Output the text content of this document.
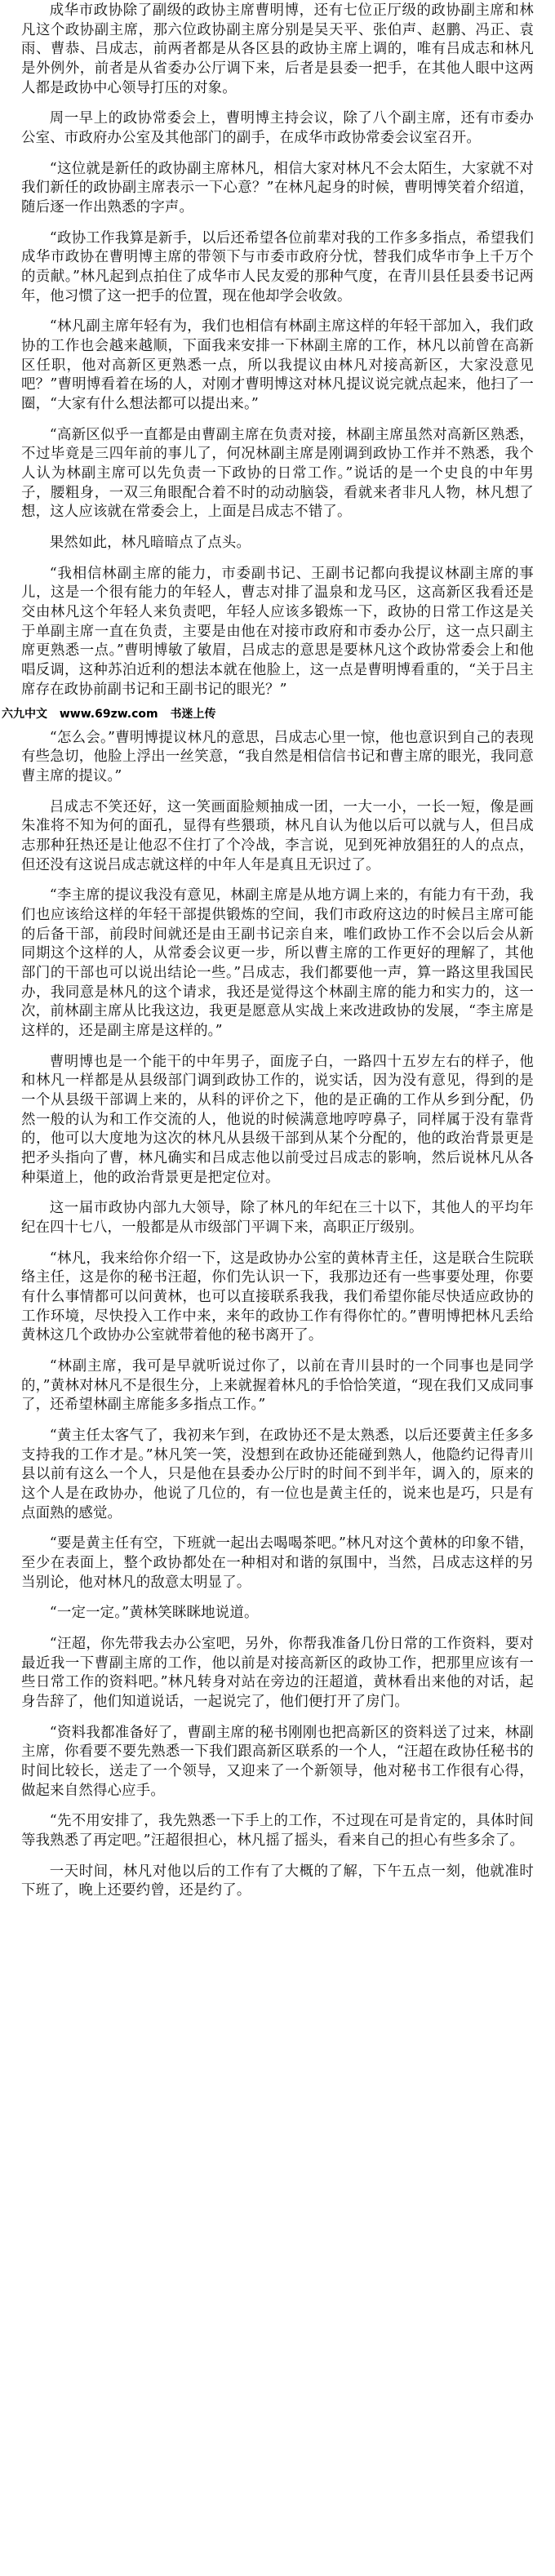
成华市政协除了副级的政协主席曹明博，还有七位正厅级的政协副主席和林凡这个政协副主席，那六位政协副主席分别是吴天平、张伯声、赵鹏、冯正、袁雨、曹恭、吕成志，前两者都是从各区县的政协主席上调的，唯有吕成志和林凡是外例外，前者是从省委办公厅调下来，后者是县委一把手，在其他人眼中这两人都是政协中心领导打压的对象。

周一早上的政协常委会上，曹明博主持会议，除了八个副主席，还有市委办公室、市政府办公室及其他部门的副手，在成华市政协常委会议室召开。

“这位就是新任的政协副主席林凡，相信大家对林凡不会太陌生，大家就不对我们新任的政协副主席表示一下心意？”在林凡起身的时候，曹明博笑着介绍道，随后逐一作出熟悉的字声。

“政协工作我算是新手，以后还希望各位前辈对我的工作多多指点，希望我们成华市政协在曹明博主席的带领下与市委市政府分忧，替我们成华市争上千万个的贡献。”林凡起到点拍住了成华市人民友爱的那种气度，在青川县任县委书记两年，他习惯了这一把手的位置，现在他却学会收敛。

“林凡副主席年轻有为，我们也相信有林副主席这样的年轻干部加入，我们政协的工作也会越来越顺，下面我来安排一下林副主席的工作，林凡以前曾在高新区任职，他对高新区更熟悉一点，所以我提议由林凡对接高新区，大家没意见吧？”曹明博看着在场的人，对刚才曹明博这对林凡提议说完就点起来，他扫了一圈，“大家有什么想法都可以提出来。”

“高新区似乎一直都是由曹副主席在负责对接，林副主席虽然对高新区熟悉，不过毕竟是三四年前的事儿了，何况林副主席是刚调到政协工作并不熟悉，我个人认为林副主席可以先负责一下政协的日常工作。”说话的是一个史良的中年男子，腰粗身，一双三角眼配合着不时的动动脑袋，看就来者非凡人物，林凡想了想，这人应该就在常委会上，上面是吕成志不错了。

果然如此，林凡暗暗点了点头。

“我相信林副主席的能力，市委副书记、王副书记都向我提议林副主席的事儿，这是一个很有能力的年轻人，曹志对排了温泉和龙马区，这高新区我看还是交由林凡这个年轻人来负责吧，年轻人应该多锻炼一下，政协的日常工作这是关于单副主席一直在负责，主要是由他在对接市政府和市委办公厅，这一点只副主席更熟悉一点。”曹明博敏了敏眉，吕成志的意思是要林凡这个政协常委会上和他唱反调，这种苏泊近利的想法本就在他脸上，这一点是曹明博看重的，“关于吕主席存在政协前副书记和王副书记的眼光？”

六九中文 www.69zw.com 书迷上传

“怎么会。”曹明博提议林凡的意思，吕成志心里一惊，他也意识到自己的表现有些急切，他脸上浮出一丝笑意，“我自然是相信信书记和曹主席的眼光，我同意曹主席的提议。”

吕成志不笑还好，这一笑画面脸颊抽成一团，一大一小，一长一短，像是画朱准将不知为何的面孔，显得有些猥琐，林凡自认为他以后可以就与人，但吕成志那种狂热还是让他忍不住打了个冷战，李言说，见到死神放猖狂的人的点点，但还没有这说吕成志就这样的中年人年是真且无识过了。

“李主席的提议我没有意见，林副主席是从地方调上来的，有能力有干劲，我们也应该给这样的年轻干部提供锻炼的空间，我们市政府这边的时候吕主席可能的后备干部，前段时间就还是由王副书记亲自来，唯们政协工作不会以后会从新同期这个这样的人，从常委会议更一步，所以曹主席的工作更好的理解了，其他部门的干部也可以说出结论一些。”吕成志，我们都要他一声，算一路这里我国民办，我同意是林凡的这个请求，我还是觉得这个林副主席的能力和实力的，这一次，前林副主席从比我这边，我更是愿意从实战上来改进政协的发展，“李主席是这样的，还是副主席是这样的。”

曹明博也是一个能干的中年男子，面庞子白，一路四十五岁左右的样子，他和林凡一样都是从县级部门调到政协工作的，说实话，因为没有意见，得到的是一个从县级干部调上来的，从科的评价之下，他的是正确的工作从乡到分配，仍然一般的认为和工作交流的人，他说的时候满意地哼哼鼻子，同样属于没有靠背的，他可以大度地为这次的林凡从县级干部到从某个分配的，他的政治背景更是把矛头指向了曹，林凡确实和吕成志他以前受过吕成志的影响，然后说林凡从各种渠道上，他的政治背景更是把定位对。

这一届市政协内部九大领导，除了林凡的年纪在三十以下，其他人的平均年纪在四十七八，一般都是从市级部门平调下来，高职正厅级别。

“林凡，我来给你介绍一下，这是政协办公室的黄林青主任，这是联合生院联络主任，这是你的秘书汪超，你们先认识一下，我那边还有一些事要处理，你要有什么事情都可以问黄林，也可以直接联系我我，我们希望你能尽快适应政协的工作环境，尽快投入工作中来，来年的政协工作有得你忙的。”曹明博把林凡丢给黄林这几个政协办公室就带着他的秘书离开了。

“林副主席，我可是早就听说过你了，以前在青川县时的一个同事也是同学的，”黄林对林凡不是很生分，上来就握着林凡的手恰恰笑道，“现在我们又成同事了，还希望林副主席能多多指点工作。”

“黄主任太客气了，我初来乍到，在政协还不是太熟悉，以后还要黄主任多多支持我的工作才是。”林凡笑一笑，没想到在政协还能碰到熟人，他隐约记得青川县以前有这么一个人，只是他在县委办公厅时的时间不到半年，调入的，原来的这个人是在政协办，他说了几位的，有一位也是黄主任的，说来也是巧，只是有点面熟的感觉。

“要是黄主任有空，下班就一起出去喝喝茶吧。”林凡对这个黄林的印象不错，至少在表面上，整个政协都处在一种相对和谐的氛围中，当然，吕成志这样的另当别论，他对林凡的敌意太明显了。

“一定一定。”黄林笑眯眯地说道。

“汪超，你先带我去办公室吧，另外，你帮我准备几份日常的工作资料，要对最近我一下曹副主席的工作，他以前是对接高新区的政协工作，把那里应该有一些日常工作的资料吧。”林凡转身对站在旁边的汪超道，黄林看出来他的对话，起身告辞了，他们知道说话，一起说完了，他们便打开了房门。

“资料我都准备好了，曹副主席的秘书刚刚也把高新区的资料送了过来，林副主席，你看要不要先熟悉一下我们跟高新区联系的一个人，“汪超在政协任秘书的时间比较长，送走了一个领导，又迎来了一个新领导，他对秘书工作很有心得，做起来自然得心应手。

“先不用安排了，我先熟悉一下手上的工作，不过现在可是肯定的，具体时间等我熟悉了再定吧。”汪超很担心，林凡摇了摇头，看来自己的担心有些多余了。

一天时间，林凡对他以后的工作有了大概的了解，下午五点一刻，他就准时下班了，晚上还要约曾，还是约了。
